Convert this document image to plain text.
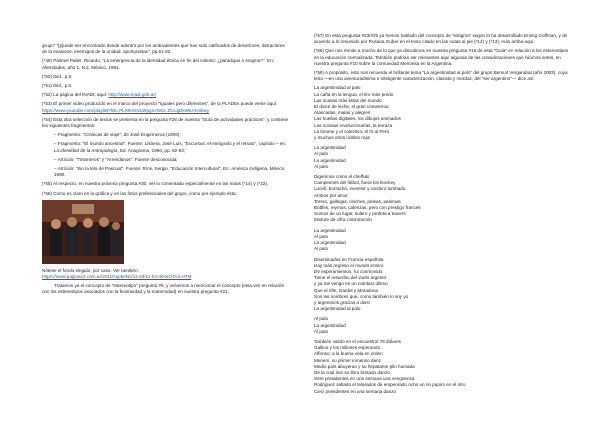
grupo" "[p]uede ser encontrado desde adentro por los ambivalentes que han sido calificados de desertores, detractores de la evasione, enemigos de la unidad, oportunistas", pp.61-62.

(*49) Pásmel Palier, Ricardo, "La emergencia de la identidad étnica en fin del milenio: ¿paradojas o enigma?". En: Alteridades, año 1, N.2, México, 1991.

(*50) Ibíd., p.8.

(*51) Ibíd., p.6.

(*52) La página del INADI, aquí: http://www.inadi.gob.ar/

(*53) El primer video producido en el marco del proyecto "Iguales pero diferentes", de la PLADEs puede verse aquí: https://www.youtube.com/playlist?list=PLX9rS0xLWpgs-rWoc ZCsJjDkWkJ-KSkwy

(*54) Esta otra selección de textos se presenta en la pregunta #28 de nuestra "Guía de actividades prácticas", y contiene los siguientes fragmentos:

– Fragmento: "Crónicas de viaje", de José Engerneros (1906);

– Fragmento: "El mundo ancestral". Fuente: Lisbera, José Luis, "Excursus: el etnógrafo y el retrato", capítulo – en: La identidad de la Antropología, Ed. Anagrama, 1990, pp. 62-63;

– Artículo: "Tintoneros" y "Arrendanos". Fuente desconocida;

– Artículo: "Sin la tela de Pascual". Fuente: Ríos, Sergio, "Educación Intercultural". En: América Indígena, México, 1990.

(*55) Al respecto, en nuestra próxima pregunta #30, ver lo comentado especialmente en las notas (*14) y (*22).

(*56) Como es claro en la gráfica y en las fotos profesionales del grupo, como por ejemplo ésta:

Nótese el fondo elegido, por caso. Ver también:
https://www.pagina12.com.ar/2011/suple/No/11-03/11-03-30-NOTA3.HTM

Tratamos ya el concepto de "estereotipo" pregunta #9, y volvemos a mencionar el concepto (esta vez en relación con los estereotipos asociados con la femineidad y la maternidad) en nuestra pregunta #21.

(*57) En esta pregunta #23/#25 ya hemos hablado del concepto de "estigma" según lo ha desarrollado Erving Goffman, y de acuerdo a lo resumido por Rosana Guber en el texto citado en las notas al pie (*12) y (*13), más arriba aquí.

(*58) Que nos remite a mucho de lo que ya discutimos en nuestra pregunta #15 de esta "Guía" en relación a los estereotipos en la educación normalizada. También podrían ser relevantes aquí algunas de las consideraciones que hicimos antes, en nuestra pregunta #10 sobre la comunidad Menonita en la Argentina.

(*59) A propósito, esto nos recuerda el brillante tema "La argentinidad al palo" del grupo Bersuit Vergarabat (año 2003), cuya letra —en una aventuradísima e inteligente caracterización, clasista y mordaz, del "ser argentino"— dice así:

La argentinidad al palo
La caña en la lengua, el tiro más predo
Las ocasas más listas del mundo
El dulce de leche, el gran cometeroa
Atascadas, malas y alegres
Las huellas digitales, los dibujos animados
Las ociosas revolucionarias, la terraza
La birome y el colectivo, el tri al Perú
y muchos otros nobles más
La argentinidad
Al palo
La argentinidad
Al palo
Digerimos como el cheffato
Campeones del fútbol, fuera los kiockey
Lucelí, borrachó, inventor y cordero tumbado
Ambos por amor
Torero, gallegas, cinches, peleas, palomas
Bottles, reymos, calenzas, pero con prestigo francés
Somos de un lugar, sulero y profeta a travers
Mixture de cifra colonización
La argentinidad
Al palo
La argentinidad
Al palo
Diseminados en Francia española
Hay más regreso el mundo entero
De esperamientos, fui conmovido
Tiene el resurribo del vuelo argento
y ya me vengo en un cambiar último
Que el rifle, Gardel y Maradona
Son las nombres que, como también lo soy yo
y argentinos gracias a dios!
La argentinidad al palo
Al palo
La argentinidad
Al palo
También valido en el encuestrol 78 dólares
Gallino y los millones esperando
Affonso: a la buena vela en orden
Menem, su primer inmenso danz
Medio país abuyerao y su hepatante plin humada
De la cual son su libro bretado danzo
Sere presidentes en una semana una vengüenza
Rodriguez saltado el telarados de empeorado ocho un no pupiro en el otro
Cieci presidentes en una semana danzo
